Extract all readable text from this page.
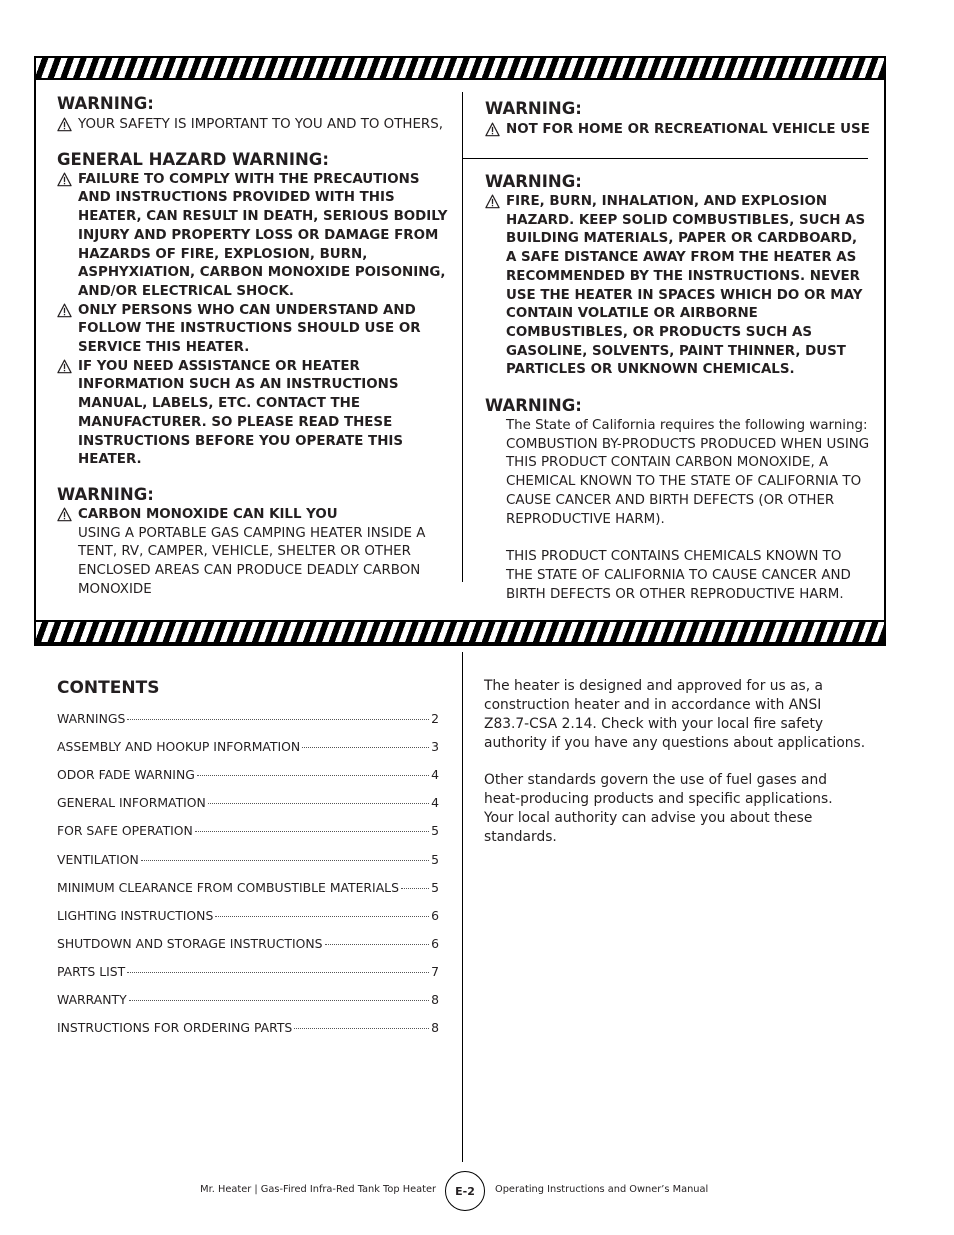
WARNING:
YOUR SAFETY IS IMPORTANT TO YOU AND TO OTHERS,
GENERAL HAZARD WARNING:
FAILURE TO COMPLY WITH THE PRECAUTIONS AND INSTRUCTIONS PROVIDED WITH THIS HEATER, CAN RESULT IN DEATH, SERIOUS BODILY INJURY AND PROPERTY LOSS OR DAMAGE FROM HAZARDS OF FIRE, EXPLOSION, BURN, ASPHYXIATION, CARBON MONOXIDE POISONING, AND/OR ELECTRICAL SHOCK.
ONLY PERSONS WHO CAN UNDERSTAND AND FOLLOW THE INSTRUCTIONS SHOULD USE OR SERVICE THIS HEATER.
IF YOU NEED ASSISTANCE OR HEATER INFORMATION SUCH AS AN INSTRUCTIONS MANUAL, LABELS, ETC. CONTACT THE MANUFACTURER. SO PLEASE READ THESE INSTRUCTIONS BEFORE YOU OPERATE THIS HEATER.
WARNING:
CARBON MONOXIDE CAN KILL YOU
USING A PORTABLE GAS CAMPING HEATER INSIDE A TENT, RV, CAMPER, VEHICLE, SHELTER OR OTHER ENCLOSED AREAS CAN PRODUCE DEADLY CARBON MONOXIDE
WARNING:
NOT FOR HOME OR RECREATIONAL VEHICLE USE
WARNING:
FIRE, BURN, INHALATION, AND EXPLOSION HAZARD. KEEP SOLID COMBUSTIBLES, SUCH AS BUILDING MATERIALS, PAPER OR CARDBOARD, A SAFE DISTANCE AWAY FROM THE HEATER AS RECOMMENDED BY THE INSTRUCTIONS. NEVER USE THE HEATER IN SPACES WHICH DO OR MAY CONTAIN VOLATILE OR AIRBORNE COMBUSTIBLES, OR PRODUCTS SUCH AS GASOLINE, SOLVENTS, PAINT THINNER, DUST PARTICLES OR UNKNOWN CHEMICALS.
WARNING:
The State of California requires the following warning:
COMBUSTION BY-PRODUCTS PRODUCED WHEN USING THIS PRODUCT CONTAIN CARBON MONOXIDE, A CHEMICAL KNOWN TO THE STATE OF CALIFORNIA TO CAUSE CANCER AND BIRTH DEFECTS (OR OTHER REPRODUCTIVE HARM).
THIS PRODUCT CONTAINS CHEMICALS KNOWN TO THE STATE OF CALIFORNIA TO CAUSE CANCER AND BIRTH DEFECTS OR OTHER REPRODUCTIVE HARM.
CONTENTS
WARNINGS	2
ASSEMBLY AND HOOKUP INFORMATION	3
ODOR FADE WARNING	4
GENERAL INFORMATION	4
FOR SAFE OPERATION	5
VENTILATION	5
MINIMUM CLEARANCE FROM COMBUSTIBLE MATERIALS	5
LIGHTING INSTRUCTIONS	6
SHUTDOWN AND STORAGE INSTRUCTIONS	6
PARTS LIST	7
WARRANTY	8
INSTRUCTIONS FOR ORDERING PARTS	8
The heater is designed and approved for us as, a construction heater and in accordance with ANSI Z83.7-CSA 2.14. Check with your local fire safety authority if you have any questions about applications.
Other standards govern the use of fuel gases and heat-producing products and specific applications. Your local authority can advise you about these standards.
Mr. Heater | Gas-Fired Infra-Red Tank Top Heater	E-2	Operating Instructions and Owner’s Manual
